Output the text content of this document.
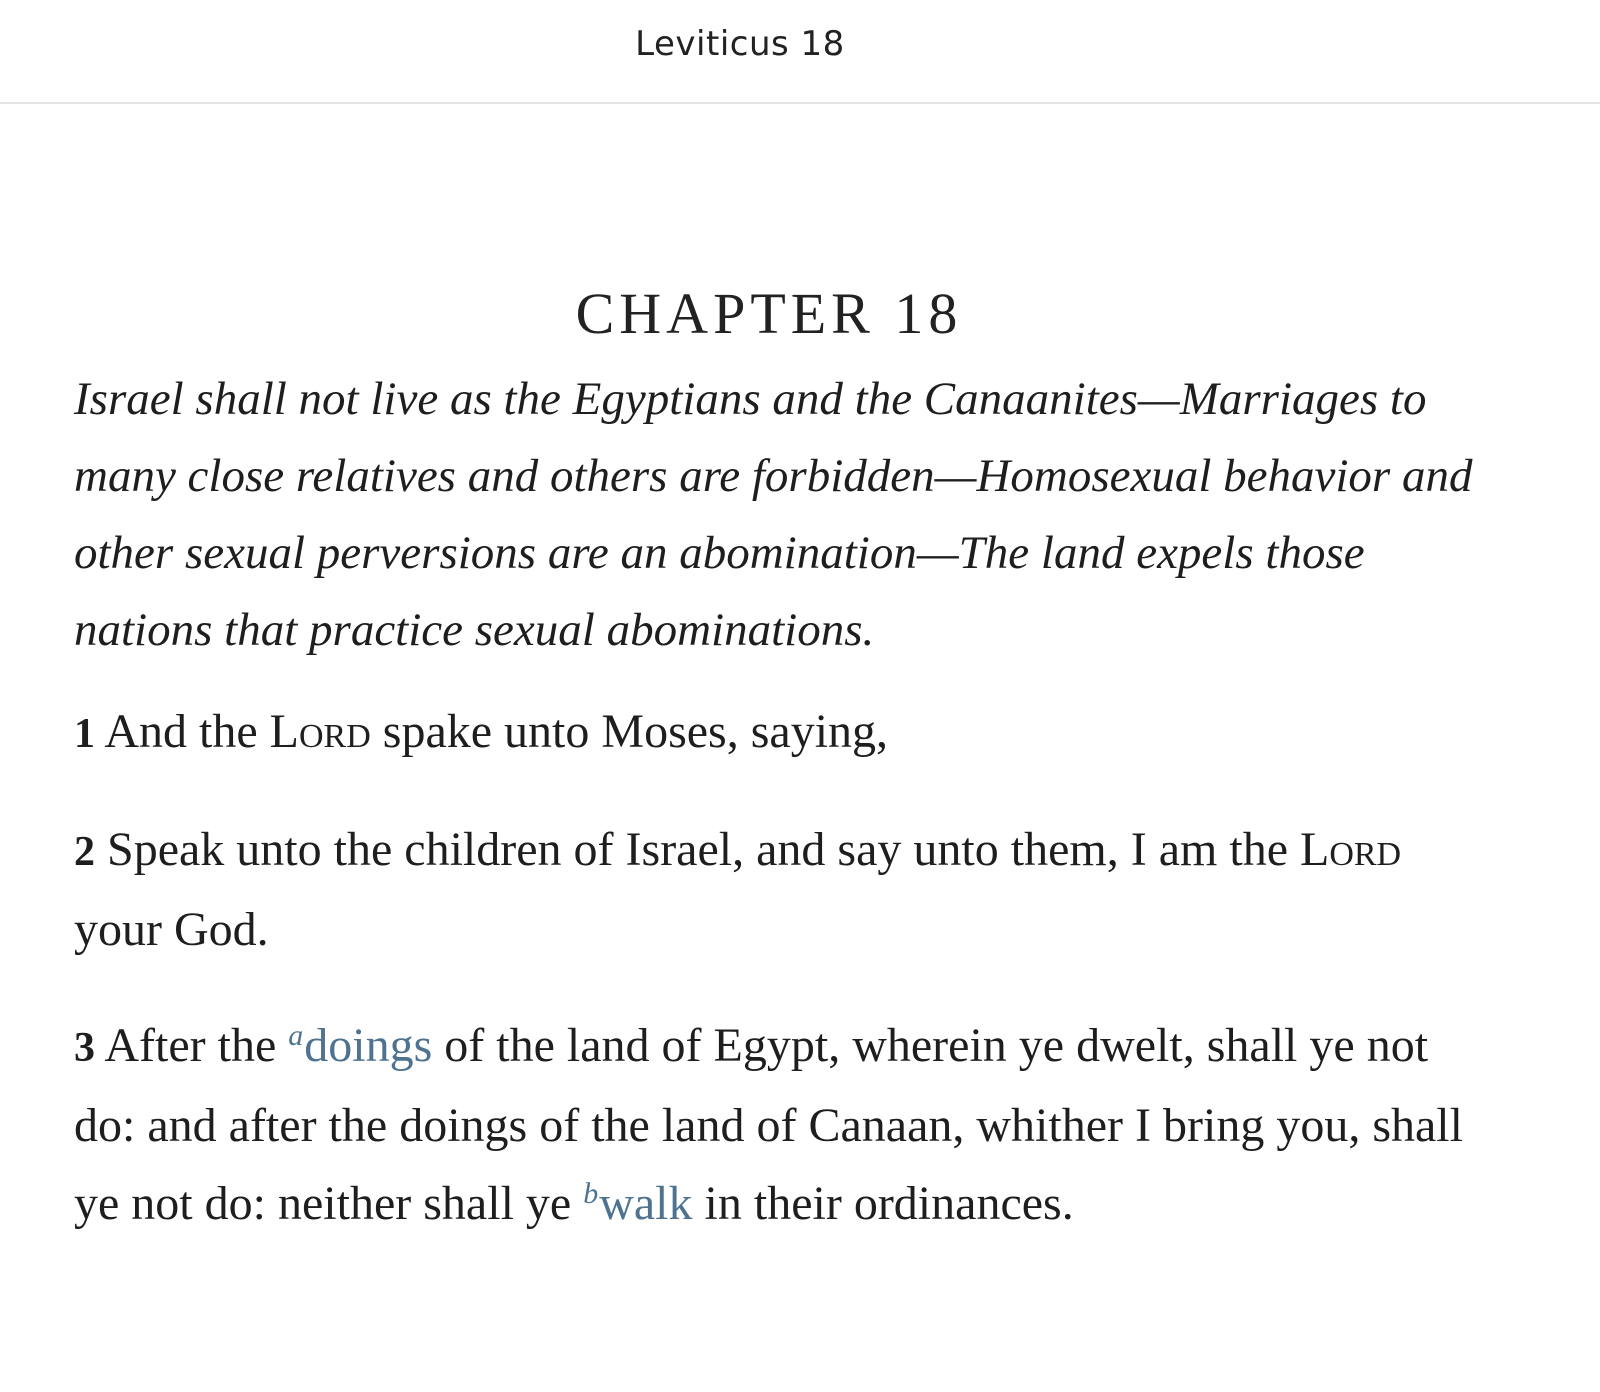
Leviticus 18
CHAPTER 18

Israel shall not live as the Egyptians and the Canaanites—Marriages to many close relatives and others are forbidden—Homosexual behavior and other sexual perversions are an abomination—The land expels those nations that practice sexual abominations.

1 And the Lord spake unto Moses, saying,

2 Speak unto the children of Israel, and say unto them, I am the Lord your God.

3 After the $^a$doings of the land of Egypt, wherein ye dwelt, shall ye not do: and after the doings of the land of Canaan, whither I bring you, shall ye not do: neither shall ye $^b$walk in their ordinances.
